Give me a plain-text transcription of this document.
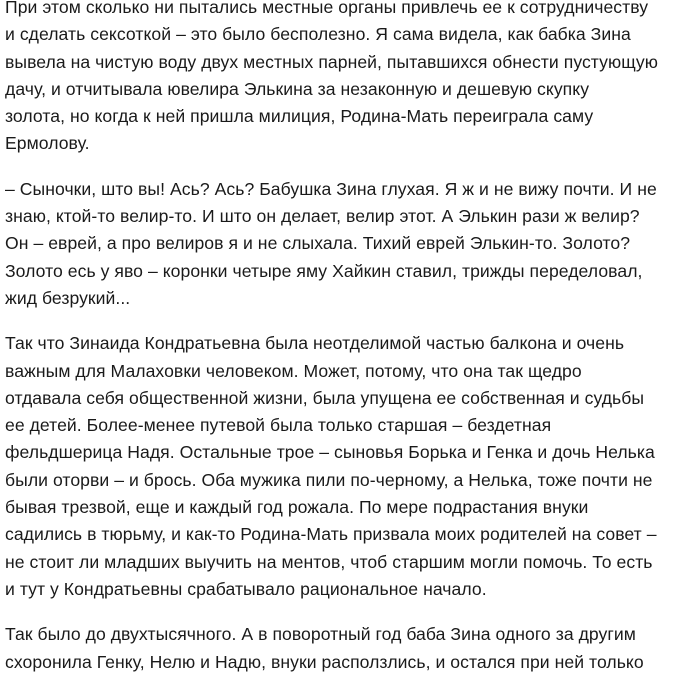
При этом сколько ни пытались местные органы привлечь ее к сотрудничеству
и сделать сексоткой – это было бесполезно. Я сама видела, как бабка Зина
вывела на чистую воду двух местных парней, пытавшихся обнести пустующую
дачу, и отчитывала ювелира Элькина за незаконную и дешевую скупку
золота, но когда к ней пришла милиция, Родина-Мать переиграла саму
Ермолову.

– Сыночки, што вы! Ась? Ась? Бабушка Зина глухая. Я ж и не вижу почти. И не
знаю, ктой-то велир-то. И што он делает, велир этот. А Элькин рази ж велир?
Он – еврей, а про велиров я и не слыхала. Тихий еврей Элькин-то. Золото?
Золото есь у яво – коронки четыре яму Хайкин ставил, трижды переделовал,
жид безрукий...

Так что Зинаида Кондратьевна была неотделимой частью балкона и очень
важным для Малаховки человеком. Может, потому, что она так щедро
отдавала себя общественной жизни, была упущена ее собственная и судьбы
ее детей. Более-менее путевой была только старшая – бездетная
фельдшерица Надя. Остальные трое – сыновья Борька и Генка и дочь Нелька
были оторви – и брось. Оба мужика пили по-черному, а Нелька, тоже почти не
бывая трезвой, еще и каждый год рожала. По мере подрастания внуки
садились в тюрьму, и как-то Родина-Мать призвала моих родителей на совет –
не стоит ли младших выучить на ментов, чтоб старшим могли помочь. То есть
и тут у Кондратьевны срабатывало рациональное начало.

Так было до двухтысячного. А в поворотный год баба Зина одного за другим
схоронила Генку, Нелю и Надю, внуки расползлись, и остался при ней только
